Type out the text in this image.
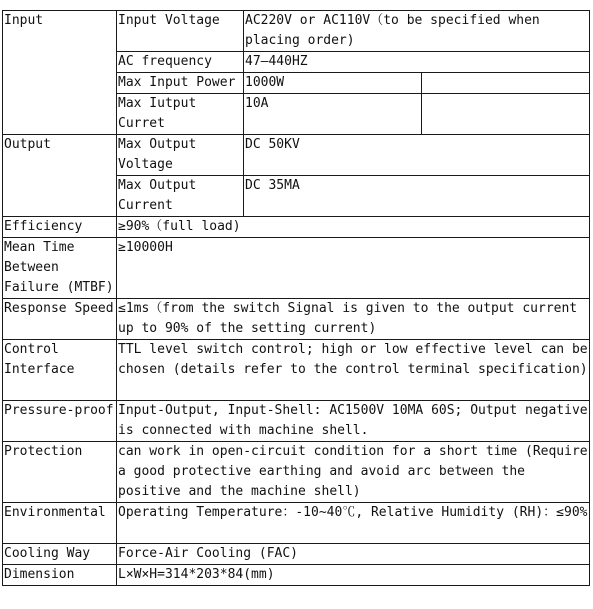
Input	Input Voltage	AC220V or AC110V（to be specified when placing order)	
	AC frequency	47—440HZ	
	Max Input Power	1000W	
	Max Iutput Curret	10A	
Output	Max Output Voltage	DC 50KV	
	Max Output Current	DC 35MA	
Efficiency	≥90%（full load)		
Mean Time Between Failure (MTBF)	≥10000H		
Response Speed	≤1ms（from the switch Signal is given to the output current up to 90% of the setting current)		
Control Interface	TTL level switch control; high or low effective level can be chosen (details refer to the control terminal specification)		
Pressure-proof	Input-Output, Input-Shell: AC1500V 10MA 60S; Output negative is connected with machine shell.		
Protection	can work in open-circuit condition for a short time (Require a good protective earthing and avoid arc between the positive and the machine shell)		
Environmental	Operating Temperature：-10~40℃, Relative Humidity (RH)：≤90%		
Cooling Way	Force-Air Cooling (FAC)		
Dimension	L×W×H=314*203*84(mm)		
